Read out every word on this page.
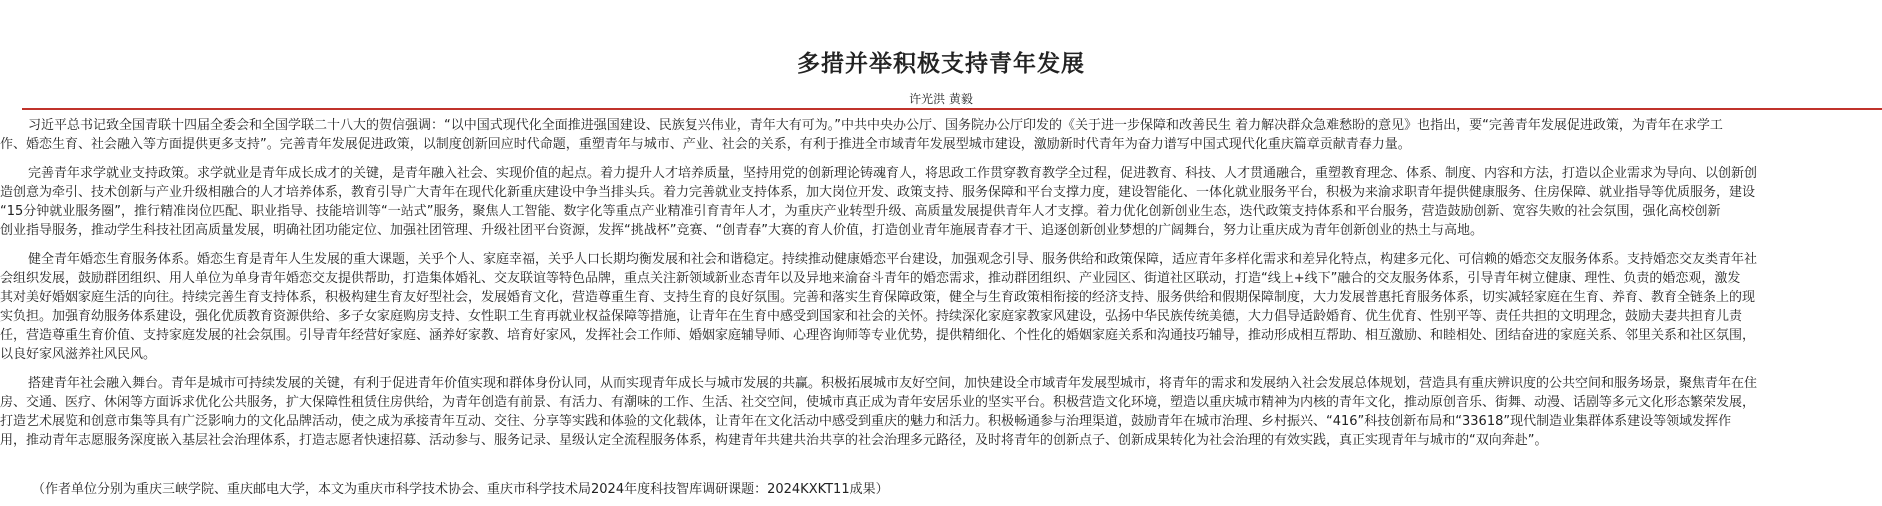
多措并举积极支持青年发展
许光洪 黄毅

习近平总书记致全国青联十四届全委会和全国学联二十八大的贺信强调：“以中国式现代化全面推进强国建设、民族复兴伟业，青年大有可为。”中共中央办公厅、国务院办公厅印发的《关于进一步保障和改善民生 着力解决群众急难愁盼的意见》也指出，要“完善青年发展促进政策，为青年在求学工
作、婚恋生育、社会融入等方面提供更多支持”。完善青年发展促进政策，以制度创新回应时代命题，重塑青年与城市、产业、社会的关系，有利于推进全市域青年发展型城市建设，激励新时代青年为奋力谱写中国式现代化重庆篇章贡献青春力量。

完善青年求学就业支持政策。求学就业是青年成长成才的关键，是青年融入社会、实现价值的起点。着力提升人才培养质量，坚持用党的创新理论铸魂育人，将思政工作贯穿教育教学全过程，促进教育、科技、人才贯通融合，重塑教育理念、体系、制度、内容和方法，打造以企业需求为导向、以创新创
造创意为牵引、技术创新与产业升级相融合的人才培养体系，教育引导广大青年在现代化新重庆建设中争当排头兵。着力完善就业支持体系，加大岗位开发、政策支持、服务保障和平台支撑力度，建设智能化、一体化就业服务平台，积极为来渝求职青年提供健康服务、住房保障、就业指导等优质服务，建设
“15分钟就业服务圈”，推行精准岗位匹配、职业指导、技能培训等“一站式”服务，聚焦人工智能、数字化等重点产业精准引育青年人才，为重庆产业转型升级、高质量发展提供青年人才支撑。着力优化创新创业生态，迭代政策支持体系和平台服务，营造鼓励创新、宽容失败的社会氛围，强化高校创新
创业指导服务，推动学生科技社团高质量发展，明确社团功能定位、加强社团管理、升级社团平台资源，发挥“挑战杯”竞赛、“创青春”大赛的育人价值，打造创业青年施展青春才干、追逐创新创业梦想的广阔舞台，努力让重庆成为青年创新创业的热土与高地。

健全青年婚恋生育服务体系。婚恋生育是青年人生发展的重大课题，关乎个人、家庭幸福，关乎人口长期均衡发展和社会和谐稳定。持续推动健康婚恋平台建设，加强观念引导、服务供给和政策保障，适应青年多样化需求和差异化特点，构建多元化、可信赖的婚恋交友服务体系。支持婚恋交友类青年社
会组织发展，鼓励群团组织、用人单位为单身青年婚恋交友提供帮助，打造集体婚礼、交友联谊等特色品牌，重点关注新领域新业态青年以及异地来渝奋斗青年的婚恋需求，推动群团组织、产业园区、街道社区联动，打造“线上+线下”融合的交友服务体系，引导青年树立健康、理性、负责的婚恋观，激发
其对美好婚姻家庭生活的向往。持续完善生育支持体系，积极构建生育友好型社会，发展婚育文化，营造尊重生育、支持生育的良好氛围。完善和落实生育保障政策，健全与生育政策相衔接的经济支持、服务供给和假期保障制度，大力发展普惠托育服务体系，切实减轻家庭在生育、养育、教育全链条上的现
实负担。加强育幼服务体系建设，强化优质教育资源供给、多子女家庭购房支持、女性职工生育再就业权益保障等措施，让青年在生育中感受到国家和社会的关怀。持续深化家庭家教家风建设，弘扬中华民族传统美德，大力倡导适龄婚育、优生优育、性别平等、责任共担的文明理念，鼓励夫妻共担育儿责
任，营造尊重生育价值、支持家庭发展的社会氛围。引导青年经营好家庭、涵养好家教、培育好家风，发挥社会工作师、婚姻家庭辅导师、心理咨询师等专业优势，提供精细化、个性化的婚姻家庭关系和沟通技巧辅导，推动形成相互帮助、相互激励、和睦相处、团结奋进的家庭关系、邻里关系和社区氛围，
以良好家风滋养社风民风。

搭建青年社会融入舞台。青年是城市可持续发展的关键，有利于促进青年价值实现和群体身份认同，从而实现青年成长与城市发展的共赢。积极拓展城市友好空间，加快建设全市域青年发展型城市，将青年的需求和发展纳入社会发展总体规划，营造具有重庆辨识度的公共空间和服务场景，聚焦青年在住
房、交通、医疗、休闲等方面诉求优化公共服务，扩大保障性租赁住房供给，为青年创造有前景、有活力、有潮味的工作、生活、社交空间，使城市真正成为青年安居乐业的坚实平台。积极营造文化环境，塑造以重庆城市精神为内核的青年文化，推动原创音乐、街舞、动漫、话剧等多元文化形态繁荣发展，
打造艺术展览和创意市集等具有广泛影响力的文化品牌活动，使之成为承接青年互动、交往、分享等实践和体验的文化载体，让青年在文化活动中感受到重庆的魅力和活力。积极畅通参与治理渠道，鼓励青年在城市治理、乡村振兴、“416”科技创新布局和“33618”现代制造业集群体系建设等领域发挥作
用，推动青年志愿服务深度嵌入基层社会治理体系，打造志愿者快速招募、活动参与、服务记录、星级认定全流程服务体系，构建青年共建共治共享的社会治理多元路径，及时将青年的创新点子、创新成果转化为社会治理的有效实践，真正实现青年与城市的“双向奔赴”。

（作者单位分别为重庆三峡学院、重庆邮电大学，本文为重庆市科学技术协会、重庆市科学技术局2024年度科技智库调研课题：2024KXKT11成果）
